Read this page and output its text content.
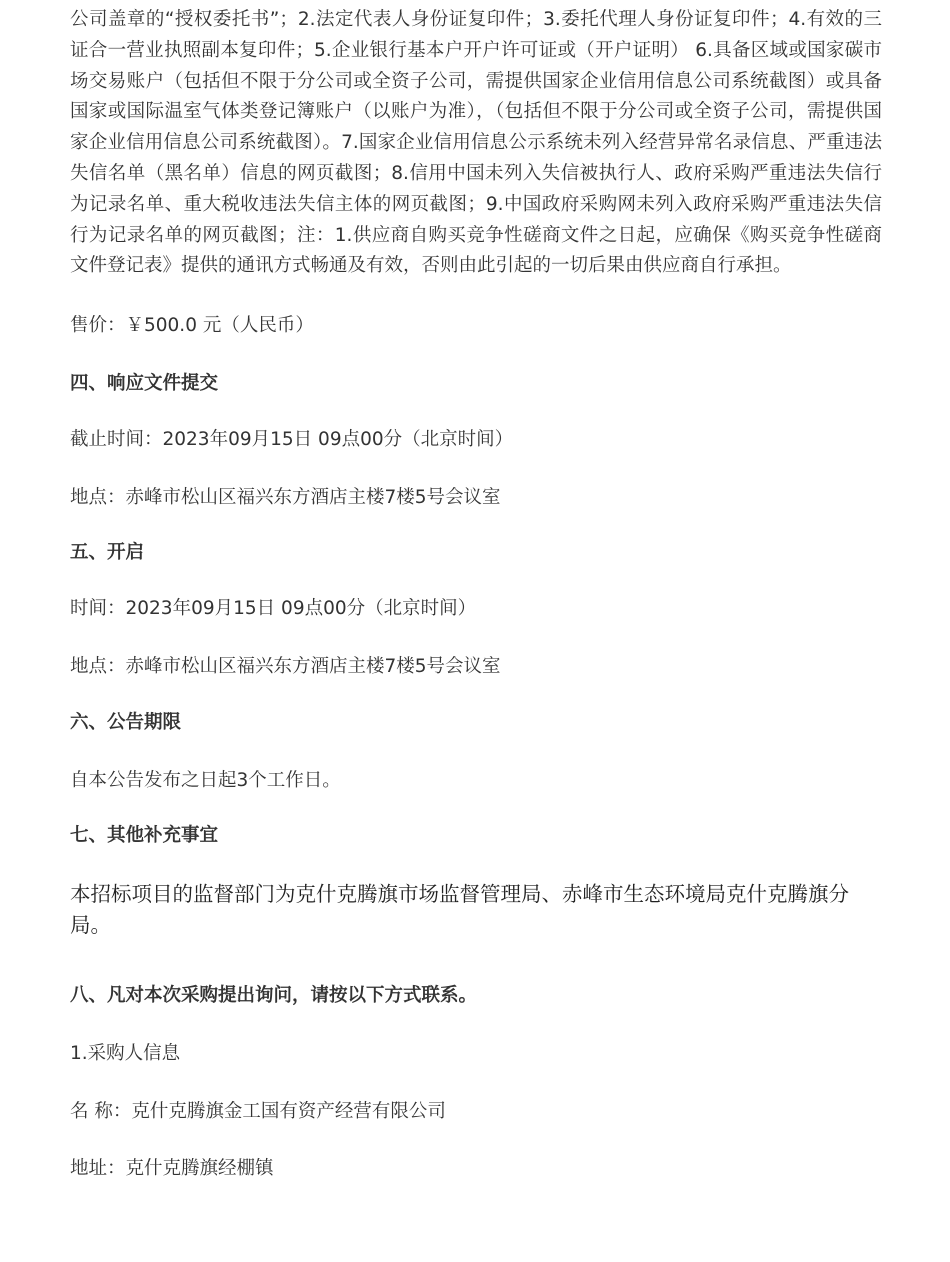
公司盖章的“授权委托书”；2.法定代表人身份证复印件；3.委托代理人身份证复印件；4.有效的三证合一营业执照副本复印件；5.企业银行基本户开户许可证或（开户证明） 6.具备区域或国家碳市场交易账户（包括但不限于分公司或全资子公司，需提供国家企业信用信息公司系统截图）或具备国家或国际温室气体类登记簿账户（以账户为准），（包括但不限于分公司或全资子公司，需提供国家企业信用信息公司系统截图）。7.国家企业信用信息公示系统未列入经营异常名录信息、严重违法失信名单（黑名单）信息的网页截图；8.信用中国未列入失信被执行人、政府采购严重违法失信行为记录名单、重大税收违法失信主体的网页截图；9.中国政府采购网未列入政府采购严重违法失信行为记录名单的网页截图；注：1.供应商自购买竞争性磋商文件之日起，应确保《购买竞争性磋商文件登记表》提供的通讯方式畅通及有效，否则由此引起的一切后果由供应商自行承担。

售价：￥500.0 元（人民币）

四、响应文件提交

截止时间：2023年09月15日 09点00分（北京时间）

地点：赤峰市松山区福兴东方酒店主楼7楼5号会议室

五、开启

时间：2023年09月15日 09点00分（北京时间）

地点：赤峰市松山区福兴东方酒店主楼7楼5号会议室

六、公告期限

自本公告发布之日起3个工作日。

七、其他补充事宜

本招标项目的监督部门为克什克腾旗市场监督管理局、赤峰市生态环境局克什克腾旗分局。

八、凡对本次采购提出询问，请按以下方式联系。

1.采购人信息

名 称：克什克腾旗金工国有资产经营有限公司

地址：克什克腾旗经棚镇
